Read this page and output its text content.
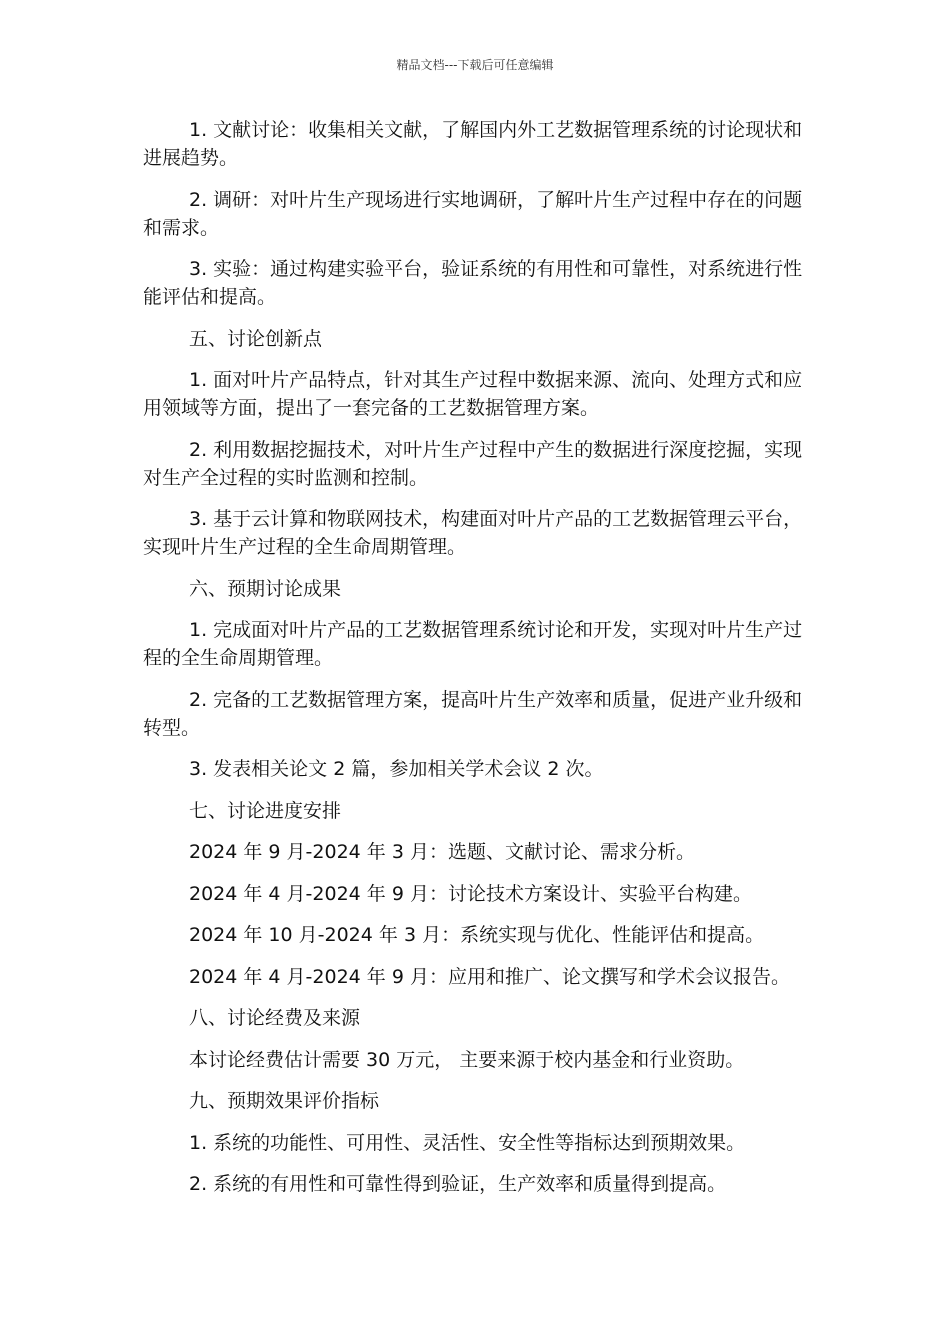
精品文档---下载后可任意编辑

1. 文献讨论：收集相关文献，了解国内外工艺数据管理系统的讨论现状和进展趋势。

2. 调研：对叶片生产现场进行实地调研，了解叶片生产过程中存在的问题和需求。

3. 实验：通过构建实验平台，验证系统的有用性和可靠性，对系统进行性能评估和提高。

五、讨论创新点

1. 面对叶片产品特点，针对其生产过程中数据来源、流向、处理方式和应用领域等方面，提出了一套完备的工艺数据管理方案。

2. 利用数据挖掘技术，对叶片生产过程中产生的数据进行深度挖掘，实现对生产全过程的实时监测和控制。

3. 基于云计算和物联网技术，构建面对叶片产品的工艺数据管理云平台，实现叶片生产过程的全生命周期管理。

六、预期讨论成果

1. 完成面对叶片产品的工艺数据管理系统讨论和开发，实现对叶片生产过程的全生命周期管理。

2. 完备的工艺数据管理方案，提高叶片生产效率和质量，促进产业升级和转型。

3. 发表相关论文 2 篇，参加相关学术会议 2 次。

七、讨论进度安排

2024 年 9 月-2024 年 3 月：选题、文献讨论、需求分析。

2024 年 4 月-2024 年 9 月：讨论技术方案设计、实验平台构建。

2024 年 10 月-2024 年 3 月：系统实现与优化、性能评估和提高。

2024 年 4 月-2024 年 9 月：应用和推广、论文撰写和学术会议报告。

八、讨论经费及来源

本讨论经费估计需要 30 万元， 主要来源于校内基金和行业资助。

九、预期效果评价指标

1. 系统的功能性、可用性、灵活性、安全性等指标达到预期效果。

2. 系统的有用性和可靠性得到验证，生产效率和质量得到提高。
